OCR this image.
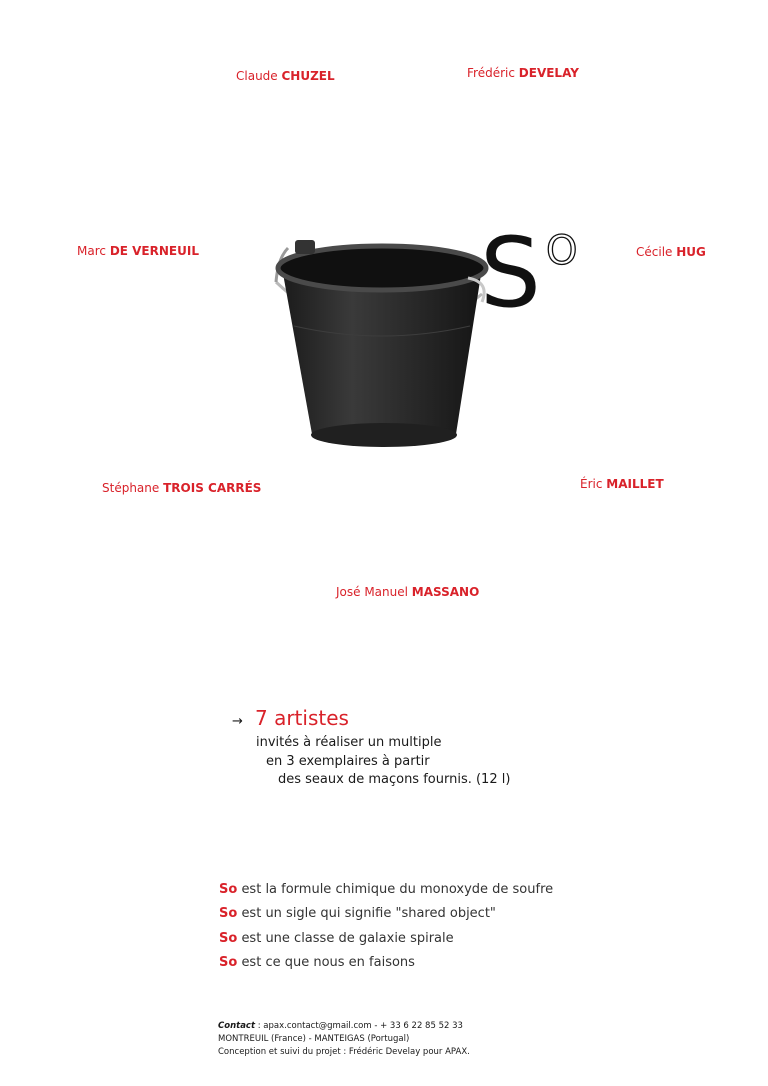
Claude CHUZEL	Frédéric DEVELAY
Marc DE VERNEUIL	Cécile HUG
Stéphane TROIS CARRÉS	Éric MAILLET
José Manuel MASSANO
S O
→ 7 artistes
invités à réaliser un multiple
en 3 exemplaires à partir
des seaux de maçons fournis. (12 l)
So est la formule chimique du monoxyde de soufre
So est un sigle qui signifie "shared object"
So est une classe de galaxie spirale
So est ce que nous en faisons
Contact : apax.contact@gmail.com - + 33 6 22 85 52 33
MONTREUIL (France) - MANTEIGAS (Portugal)
Conception et suivi du projet : Frédéric Develay pour APAX.
